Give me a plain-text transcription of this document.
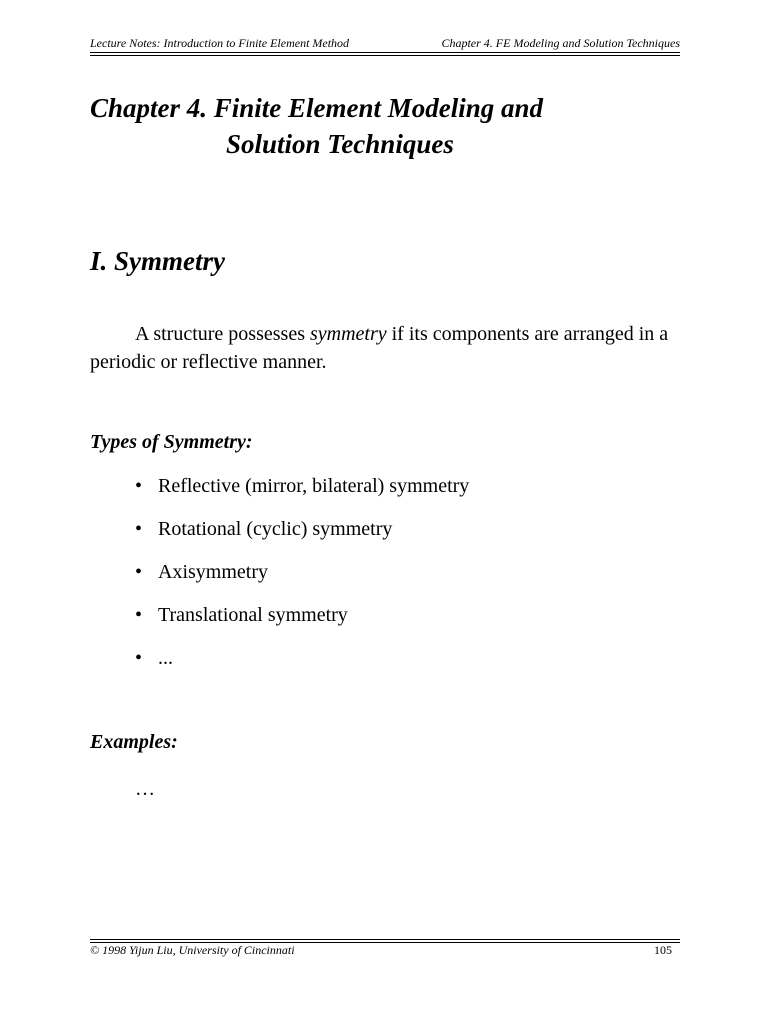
Lecture Notes: Introduction to Finite Element Method	Chapter 4. FE Modeling and Solution Techniques
Chapter 4. Finite Element Modeling and
Solution Techniques
I. Symmetry

A structure possesses symmetry if its components are arranged in a periodic or reflective manner.

Types of Symmetry:
• Reflective (mirror, bilateral) symmetry
• Rotational (cyclic) symmetry
• Axisymmetry
• Translational symmetry
• ...
Examples:

…

© 1998 Yijun Liu, University of Cincinnati	105
